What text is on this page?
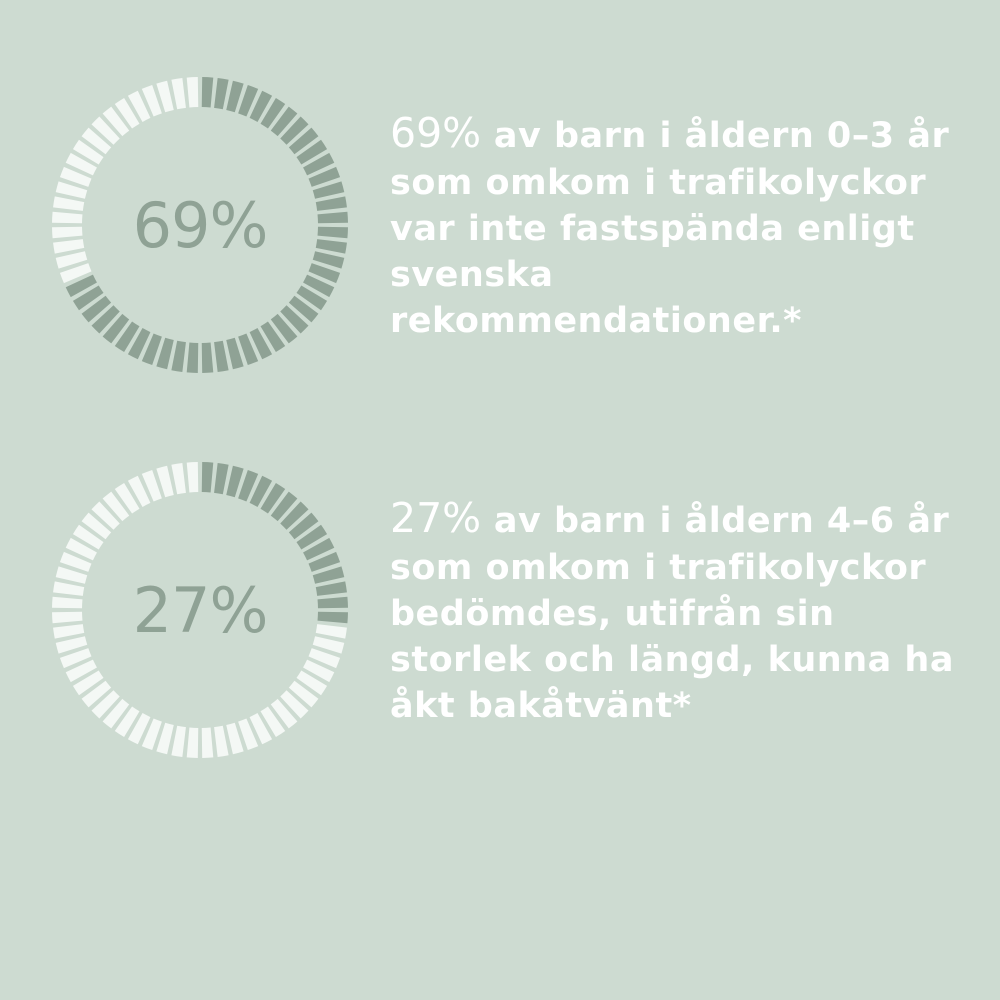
69%

69% av barn i åldern 0–3 år som omkom i trafikolyckor var inte fastspända enligt svenska rekommendationer.*

27%

27% av barn i åldern 4–6 år som omkom i trafikolyckor bedömdes, utifrån sin storlek och längd, kunna ha åkt bakåtvänt*
